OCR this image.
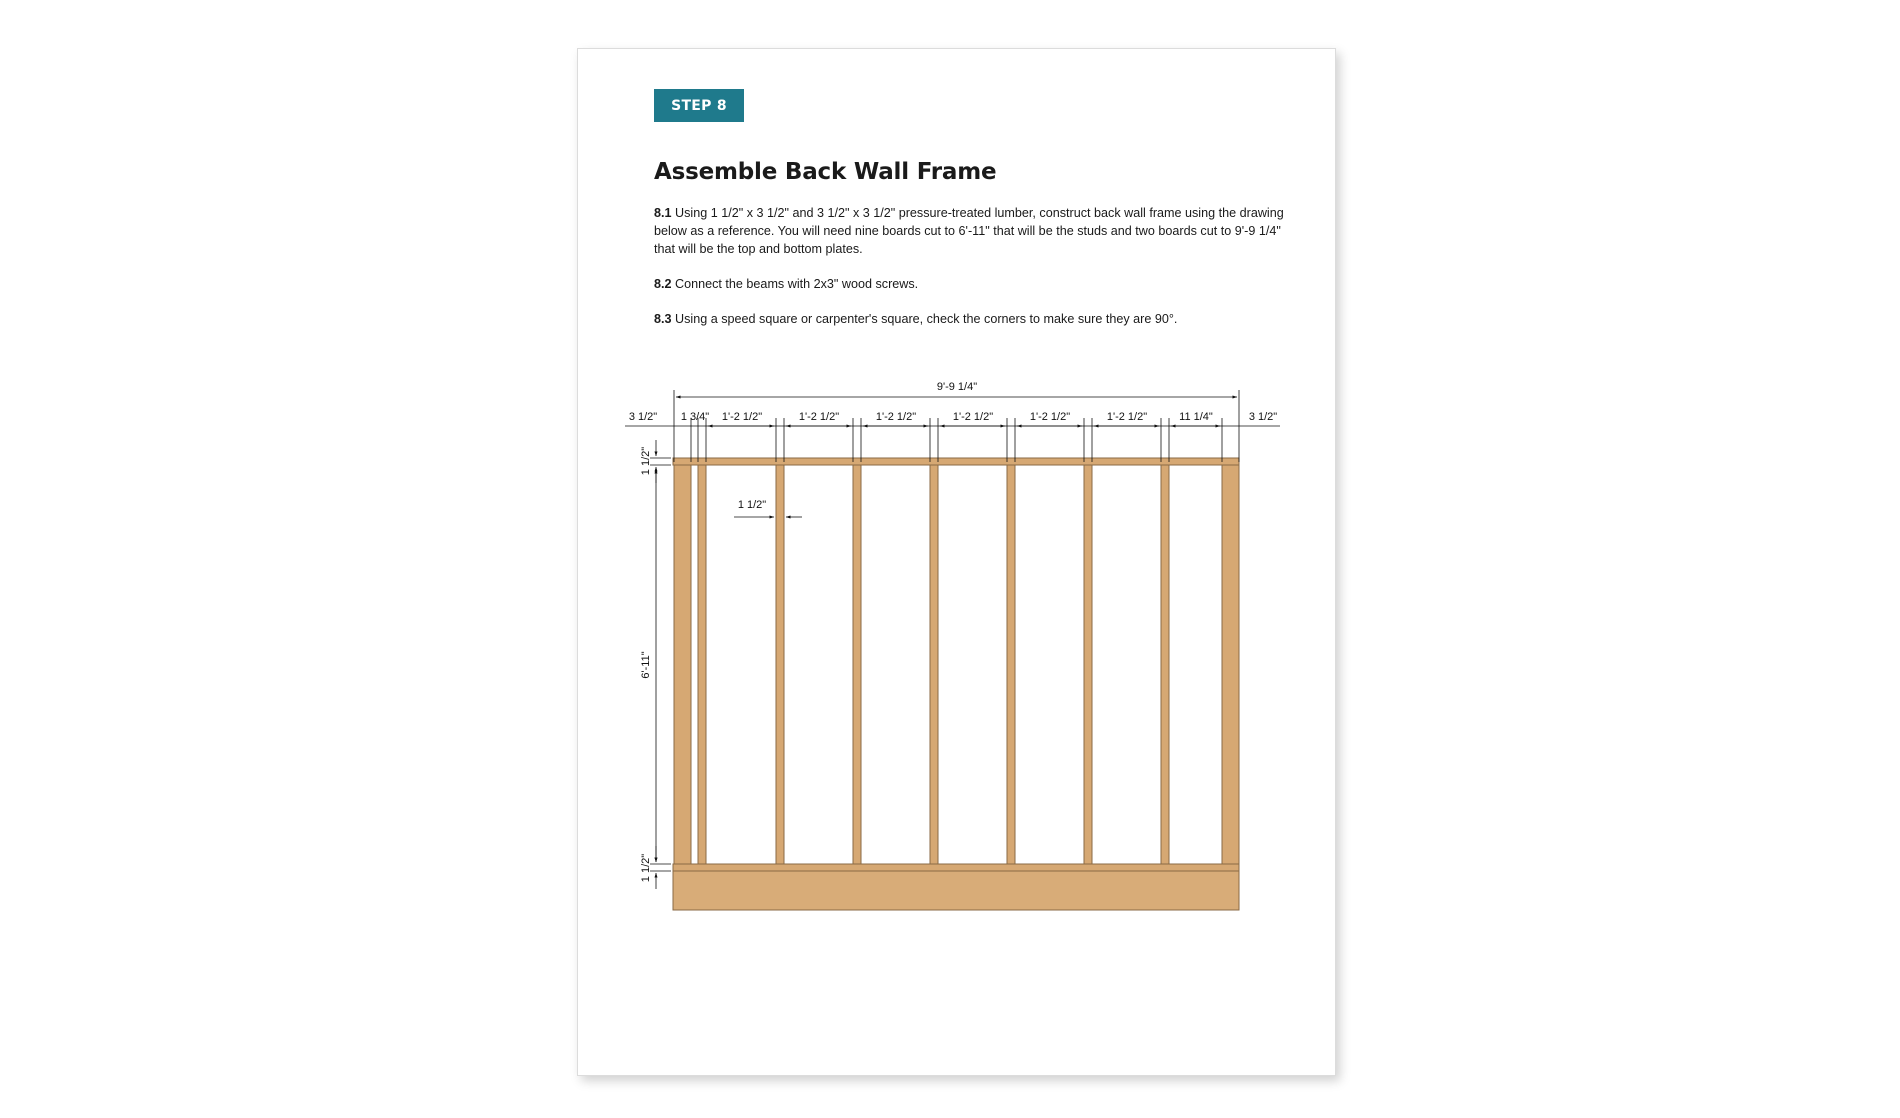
STEP 8
Assemble Back Wall Frame

8.1 Using 1 1/2" x 3 1/2" and 3 1/2" x 3 1/2" pressure-treated lumber, construct back wall frame using the drawing below as a reference. You will need nine boards cut to 6'-11" that will be the studs and two boards cut to 9'-9 1/4" that will be the top and bottom plates.

8.2 Connect the beams with 2x3" wood screws.

8.3 Using a speed square or carpenter's square, check the corners to make sure they are 90°.

9'-9 1/4"
3 1/2"	3 1/2"
1 3/4" 1'-2 1/2"	1'-2 1/2"	1'-2 1/2"	1'-2 1/2"	1'-2 1/2"	1'-2 1/2"	11 1/4"
1 1/2"
1 1/2"
6'-11"
1 1/2"
